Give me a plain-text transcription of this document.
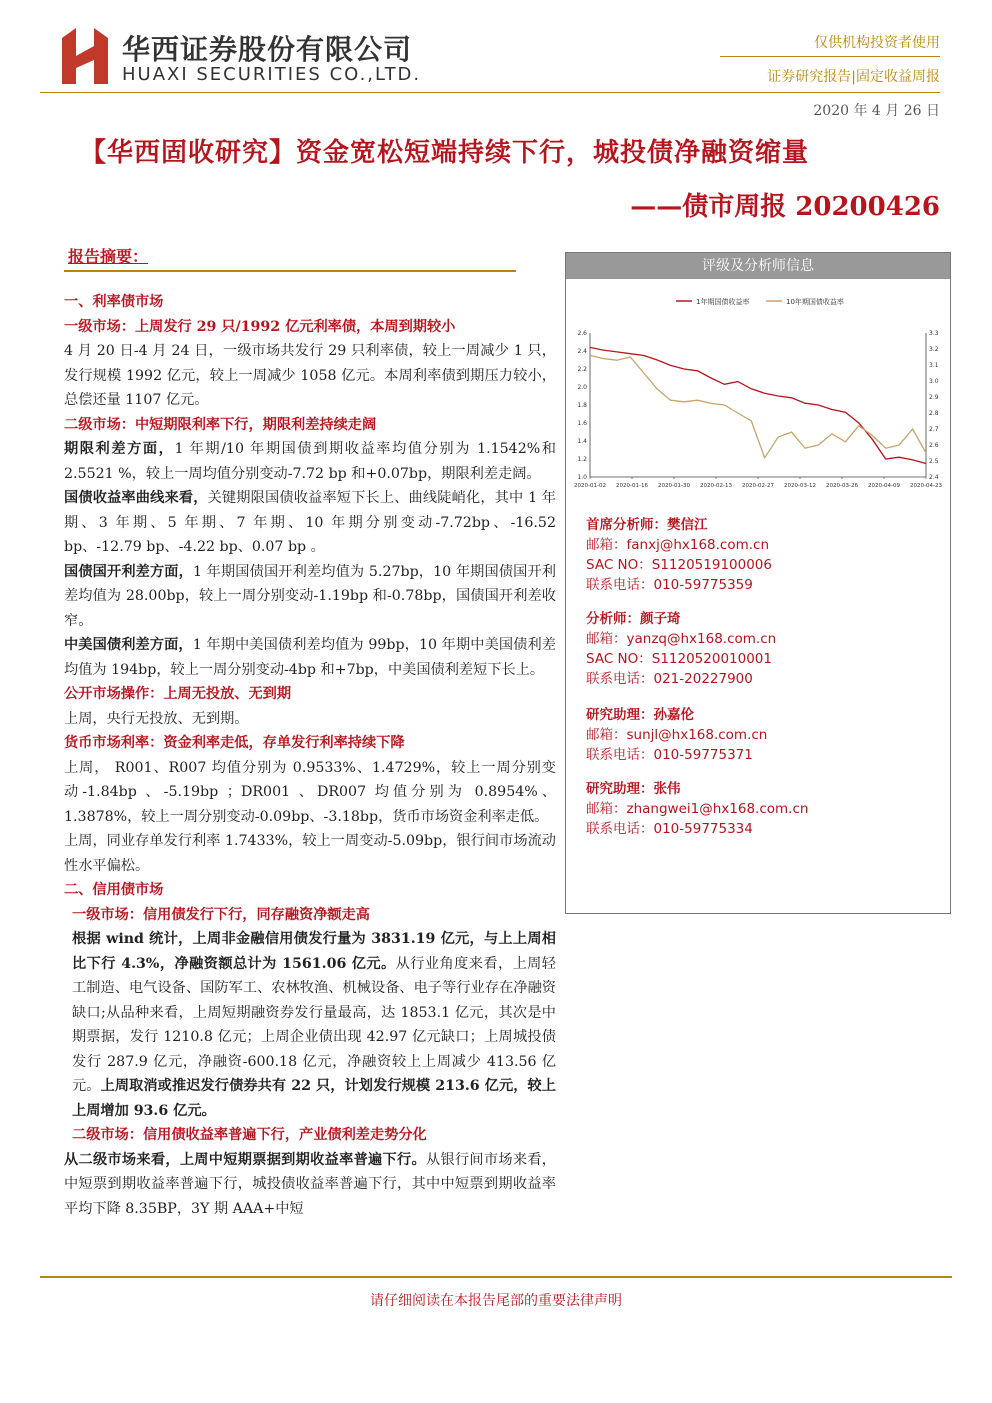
华西证券股份有限公司
HUAXI SECURITIES CO.,LTD.
仅供机构投资者使用
证券研究报告|固定收益周报
2020 年 4 月 26 日
【华西固收研究】资金宽松短端持续下行，城投债净融资缩量
——债市周报 20200426
报告摘要：

一、利率债市场

一级市场：上周发行 29 只/1992 亿元利率债，本周到期较小

4 月 20 日-4 月 24 日，一级市场共发行 29 只利率债，较上一周减少 1 只，发行规模 1992 亿元，较上一周减少 1058 亿元。本周利率债到期压力较小，总偿还量 1107 亿元。

二级市场：中短期限利率下行，期限利差持续走阔

期限利差方面，1 年期/10 年期国债到期收益率均值分别为 1.1542%和 2.5521 %，较上一周均值分别变动-7.72 bp 和+0.07bp，期限利差走阔。

国债收益率曲线来看，关键期限国债收益率短下长上、曲线陡峭化，其中 1 年期、3 年期、5 年期、7 年期、10 年期分别变动-7.72bp、-16.52 bp、-12.79 bp、-4.22 bp、0.07 bp 。

国债国开利差方面，1 年期国债国开利差均值为 5.27bp，10 年期国债国开利差均值为 28.00bp，较上一周分别变动-1.19bp 和-0.78bp，国债国开利差收窄。

中美国债利差方面，1 年期中美国债利差均值为 99bp，10 年期中美国债利差均值为 194bp，较上一周分别变动-4bp 和+7bp，中美国债利差短下长上。

公开市场操作：上周无投放、无到期

上周，央行无投放、无到期。

货币市场利率：资金利率走低，存单发行利率持续下降

上周， R001、R007 均值分别为 0.9533%、1.4729%，较上一周分别变动-1.84bp 、-5.19bp ；DR001 、DR007 均值分别为 0.8954%、1.3878%，较上一周分别变动-0.09bp、-3.18bp，货币市场资金利率走低。

上周，同业存单发行利率 1.7433%，较上一周变动-5.09bp，银行间市场流动性水平偏松。

二、信用债市场

一级市场：信用债发行下行，同存融资净额走高

根据 wind 统计，上周非金融信用债发行量为 3831.19 亿元，与上上周相比下行 4.3%，净融资额总计为 1561.06 亿元。从行业角度来看，上周轻工制造、电气设备、国防军工、农林牧渔、机械设备、电子等行业存在净融资缺口;从品种来看，上周短期融资券发行量最高，达 1853.1 亿元，其次是中期票据，发行 1210.8 亿元；上周企业债出现 42.97 亿元缺口；上周城投债发行 287.9 亿元，净融资-600.18 亿元，净融资较上上周减少 413.56 亿元。上周取消或推迟发行债券共有 22 只，计划发行规模 213.6 亿元，较上上周增加 93.6 亿元。

二级市场：信用债收益率普遍下行，产业债利差走势分化

从二级市场来看，上周中短期票据到期收益率普遍下行。从银行间市场来看，中短票到期收益率普遍下行，城投债收益率普遍下行，其中中短票到期收益率平均下降 8.35BP，3Y 期 AAA+中短

评级及分析师信息
1年期国债收益率	10年期国债收益率
1.0
1.2
1.4
1.6
1.8
2.0
2.2
2.4
2.6
2.4
2.5
2.6
2.7
2.8
2.9
3.0
3.1
3.2
3.3
2020-01-02 2020-01-16 2020-01-30 2020-02-13 2020-02-27 2020-03-12 2020-03-26 2020-04-09 2020-04-23
首席分析师：樊信江
邮箱：fanxj@hx168.com.cn
SAC NO：S1120519100006
联系电话：010-59775359
分析师：颜子琦
邮箱：yanzq@hx168.com.cn
SAC NO：S1120520010001
联系电话：021-20227900
研究助理：孙嘉伦
邮箱：sunjl@hx168.com.cn
联系电话：010-59775371
研究助理：张伟
邮箱：zhangwei1@hx168.com.cn
联系电话：010-59775334
请仔细阅读在本报告尾部的重要法律声明
